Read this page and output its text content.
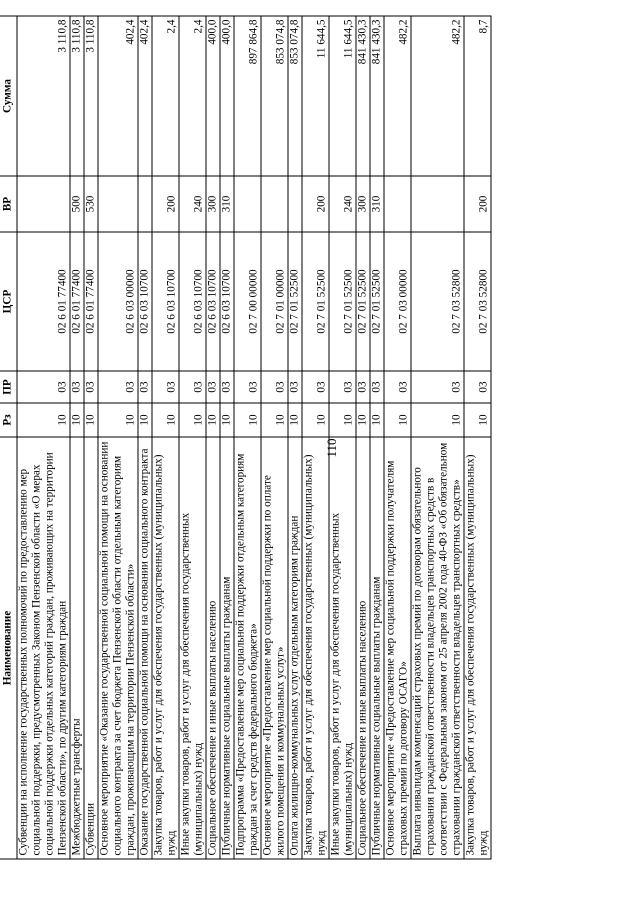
110
Наименование	Рз	ПР	ЦСР	ВР	Сумма
Субвенции на исполнение государственных полномочий по предоставлению мер социальной поддержки, предусмотренных Законом Пензенской области «О мерах социальной поддержки отдельных категорий граждан, проживающих на территории Пензенской области», по другим категориям граждан	10	03	02 6 01 77400		3 110,8
Межбюджетные трансферты	10	03	02 6 01 77400	500	3 110,8
Субвенции	10	03	02 6 01 77400	530	3 110,8
Основное мероприятие «Оказание государственной социальной помощи на основании социального контракта за счет бюджета Пензенской области отдельным категориям граждан, проживающим на территории Пензенской области»	10	03	02 6 03 00000		402,4
Оказание государственной социальной помощи на основании социального контракта	10	03	02 6 03 10700		402,4
Закупка товаров, работ и услуг для обеспечения государственных (муниципальных) нужд	10	03	02 6 03 10700	200	2,4
Иные закупки товаров, работ и услуг для обеспечения государственных (муниципальных) нужд	10	03	02 6 03 10700	240	2,4
Социальное обеспечение и иные выплаты населению	10	03	02 6 03 10700	300	400,0
Публичные нормативные социальные выплаты гражданам	10	03	02 6 03 10700	310	400,0
Подпрограмма «Предоставление мер социальной поддержки отдельным категориям граждан за счет средств федерального бюджета»	10	03	02 7 00 00000		897 864,8
Основное мероприятие «Предоставление мер социальной поддержки по оплате жилого помещения и коммунальных услуг»	10	03	02 7 01 00000		853 074,8
Оплата жилищно-коммунальных услуг отдельным категориям граждан	10	03	02 7 01 52500		853 074,8
Закупка товаров, работ и услуг для обеспечения государственных (муниципальных) нужд	10	03	02 7 01 52500	200	11 644,5
Иные закупки товаров, работ и услуг для обеспечения государственных (муниципальных) нужд	10	03	02 7 01 52500	240	11 644,5
Социальное обеспечение и иные выплаты населению	10	03	02 7 01 52500	300	841 430,3
Публичные нормативные социальные выплаты гражданам	10	03	02 7 01 52500	310	841 430,3
Основное мероприятие «Предоставление мер социальной поддержки получателям страховых премий по договору ОСАГО»	10	03	02 7 03 00000		482,2
Выплата инвалидам компенсаций страховых премий по договорам обязательного страхования гражданской ответственности владельцев транспортных средств в соответствии с Федеральным законом от 25 апреля 2002 года 40-ФЗ «Об обязательном страховании гражданской ответственности владельцев транспортных средств»	10	03	02 7 03 52800		482,2
Закупка товаров, работ и услуг для обеспечения государственных (муниципальных) нужд	10	03	02 7 03 52800	200	8,7
